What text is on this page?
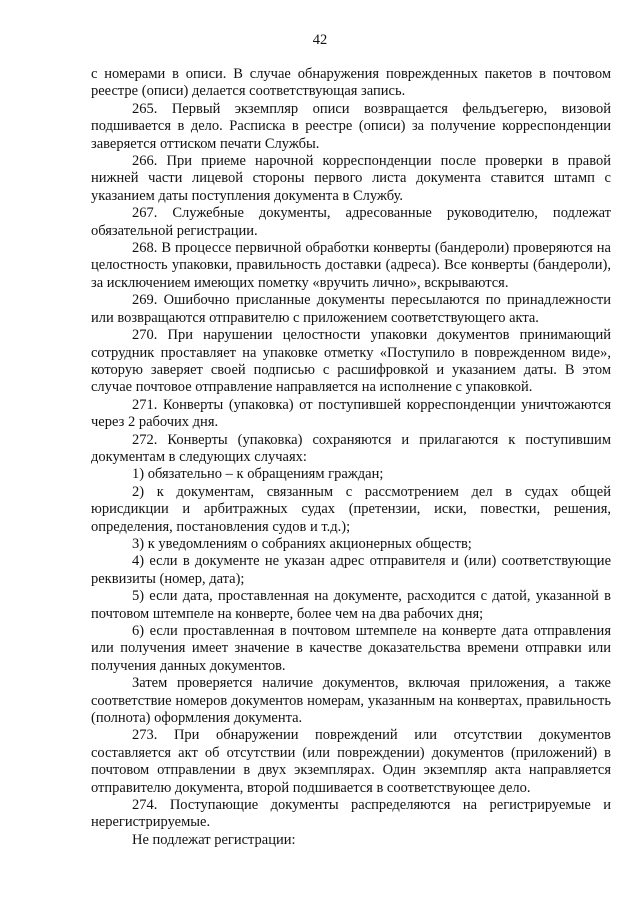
42

с номерами в описи. В случае обнаружения поврежденных пакетов в почтовом реестре (описи) делается соответствующая запись.

265. Первый экземпляр описи возвращается фельдъегерю, визовой подшивается в дело. Расписка в реестре (описи) за получение корреспонденции заверяется оттиском печати Службы.

266. При приеме нарочной корреспонденции после проверки в правой нижней части лицевой стороны первого листа документа ставится штамп с указанием даты поступления документа в Службу.

267. Служебные документы, адресованные руководителю, подлежат обязательной регистрации.

268. В процессе первичной обработки конверты (бандероли) проверяются на целостность упаковки, правильность доставки (адреса). Все конверты (бандероли), за исключением имеющих пометку «вручить лично», вскрываются.

269. Ошибочно присланные документы пересылаются по принадлежности или возвращаются отправителю с приложением соответствующего акта.

270. При нарушении целостности упаковки документов принимающий сотрудник проставляет на упаковке отметку «Поступило в поврежденном виде», которую заверяет своей подписью с расшифровкой и указанием даты. В этом случае почтовое отправление направляется на исполнение с упаковкой.

271. Конверты (упаковка) от поступившей корреспонденции уничтожаются через 2 рабочих дня.

272. Конверты (упаковка) сохраняются и прилагаются к поступившим документам в следующих случаях:

1) обязательно – к обращениям граждан;

2) к документам, связанным с рассмотрением дел в судах общей юрисдикции и арбитражных судах (претензии, иски, повестки, решения, определения, постановления судов и т.д.);

3) к уведомлениям о собраниях акционерных обществ;

4) если в документе не указан адрес отправителя и (или) соответствующие реквизиты (номер, дата);

5) если дата, проставленная на документе, расходится с датой, указанной в почтовом штемпеле на конверте, более чем на два рабочих дня;

6) если проставленная в почтовом штемпеле на конверте дата отправления или получения имеет значение в качестве доказательства времени отправки или получения данных документов.

Затем проверяется наличие документов, включая приложения, а также соответствие номеров документов номерам, указанным на конвертах, правильность (полнота) оформления документа.

273. При обнаружении повреждений или отсутствии документов составляется акт об отсутствии (или повреждении) документов (приложений) в почтовом отправлении в двух экземплярах. Один экземпляр акта направляется отправителю документа, второй подшивается в соответствующее дело.

274. Поступающие документы распределяются на регистрируемые и нерегистрируемые.

Не подлежат регистрации:
